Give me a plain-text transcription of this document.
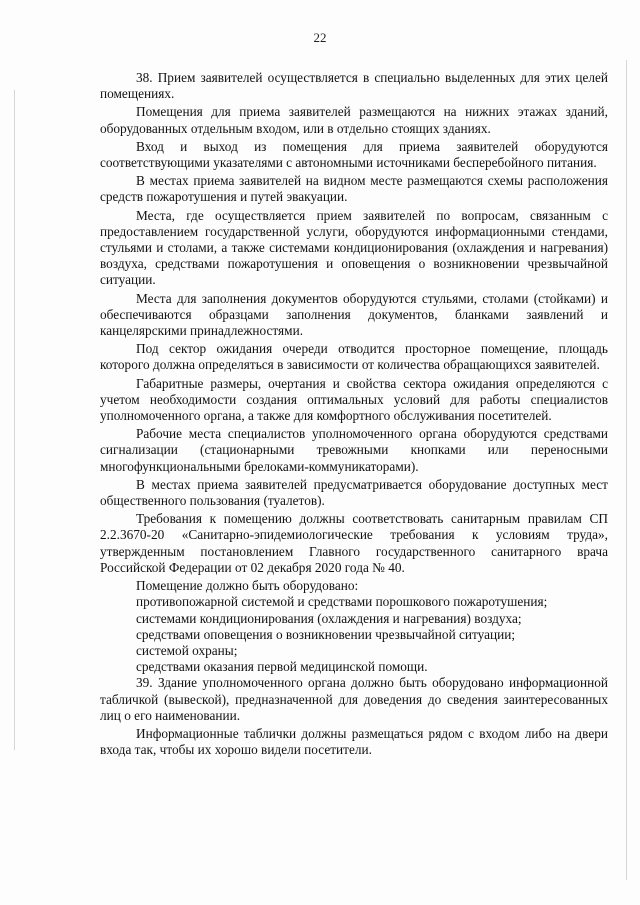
22

38. Прием заявителей осуществляется в специально выделенных для этих целей помещениях.

Помещения для приема заявителей размещаются на нижних этажах зданий, оборудованных отдельным входом, или в отдельно стоящих зданиях.

Вход и выход из помещения для приема заявителей оборудуются соответствующими указателями с автономными источниками бесперебойного питания.

В местах приема заявителей на видном месте размещаются схемы расположения средств пожаротушения и путей эвакуации.

Места, где осуществляется прием заявителей по вопросам, связанным с предоставлением государственной услуги, оборудуются информационными стендами, стульями и столами, а также системами кондиционирования (охлаждения и нагревания) воздуха, средствами пожаротушения и оповещения о возникновении чрезвычайной ситуации.

Места для заполнения документов оборудуются стульями, столами (стойками) и обеспечиваются образцами заполнения документов, бланками заявлений и канцелярскими принадлежностями.

Под сектор ожидания очереди отводится просторное помещение, площадь которого должна определяться в зависимости от количества обращающихся заявителей.

Габаритные размеры, очертания и свойства сектора ожидания определяются с учетом необходимости создания оптимальных условий для работы специалистов уполномоченного органа, а также для комфортного обслуживания посетителей.

Рабочие места специалистов уполномоченного органа оборудуются средствами сигнализации (стационарными тревожными кнопками или переносными многофункциональными брелоками-коммуникаторами).

В местах приема заявителей предусматривается оборудование доступных мест общественного пользования (туалетов).

Требования к помещению должны соответствовать санитарным правилам СП 2.2.3670-20 «Санитарно-эпидемиологические требования к условиям труда», утвержденным постановлением Главного государственного санитарного врача Российской Федерации от 02 декабря 2020 года № 40.

Помещение должно быть оборудовано:

противопожарной системой и средствами порошкового пожаротушения;

системами кондиционирования (охлаждения и нагревания) воздуха;

средствами оповещения о возникновении чрезвычайной ситуации;

системой охраны;

средствами оказания первой медицинской помощи.

39. Здание уполномоченного органа должно быть оборудовано информационной табличкой (вывеской), предназначенной для доведения до сведения заинтересованных лиц о его наименовании.

Информационные таблички должны размещаться рядом с входом либо на двери входа так, чтобы их хорошо видели посетители.
